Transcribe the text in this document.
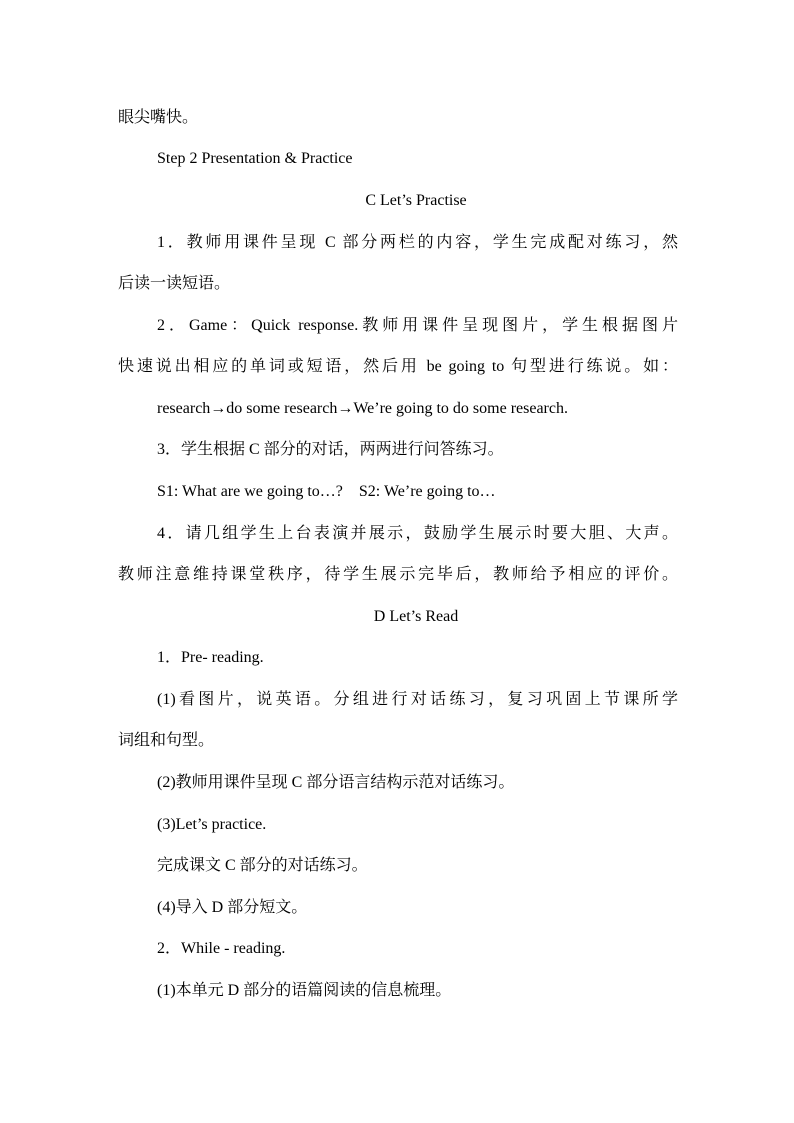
眼尖嘴快。
Step 2 Presentation & Practice
C Let’s Practise
1．教师用课件呈现 C 部分两栏的内容，学生完成配对练习，然
后读一读短语。
2．Game：Quick response.教师用课件呈现图片，学生根据图片
快速说出相应的单词或短语，然后用 be going to 句型进行练说。如：
research→do some research→We’re going to do some research.
3．学生根据 C 部分的对话，两两进行问答练习。
S1: What are we going to…?　S2: We’re going to…
4．请几组学生上台表演并展示，鼓励学生展示时要大胆、大声。
教师注意维持课堂秩序，待学生展示完毕后，教师给予相应的评价。
D Let’s Read
1．Pre- reading.
(1)看图片，说英语。分组进行对话练习，复习巩固上节课所学
词组和句型。
(2)教师用课件呈现 C 部分语言结构示范对话练习。
(3)Let’s practice.
完成课文 C 部分的对话练习。
(4)导入 D 部分短文。
2．While - reading.
(1)本单元 D 部分的语篇阅读的信息梳理。
